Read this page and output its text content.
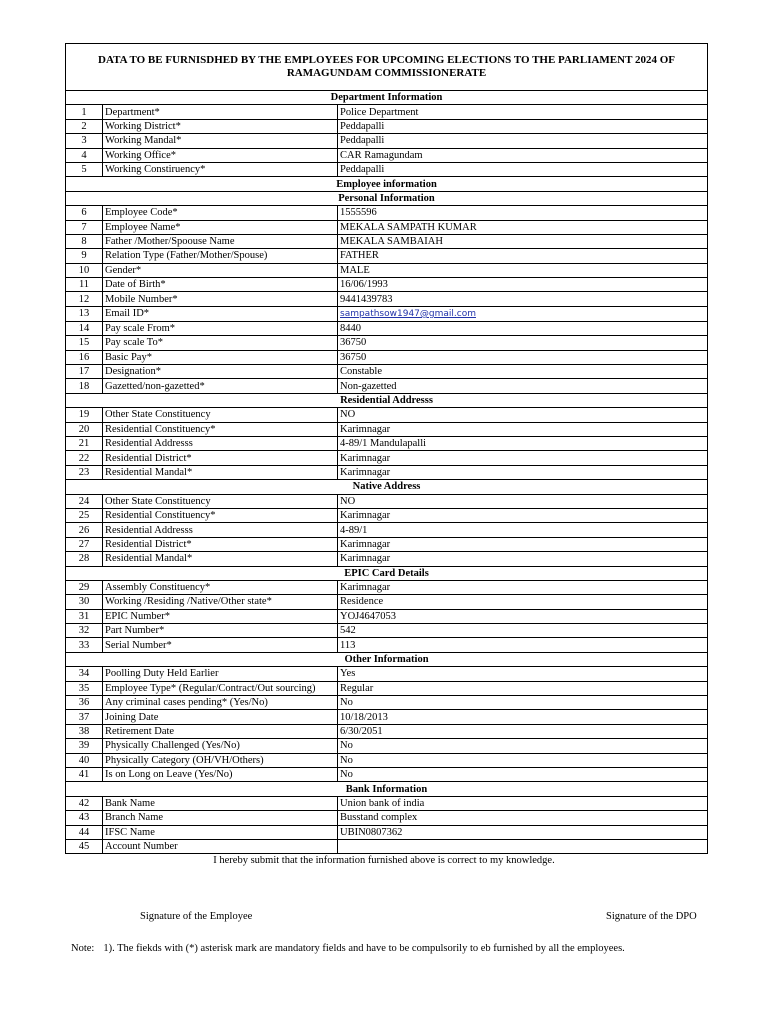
DATA TO BE FURNISDHED BY THE EMPLOYEES FOR UPCOMING ELECTIONS TO THE PARLIAMENT 2024 OF RAMAGUNDAM COMMISSIONERATE		
Department Information		
1	Department*	Police Department
2	Working District*	Peddapalli
3	Working Mandal*	Peddapalli
4	Working Office*	CAR Ramagundam
5	Working Constiruency*	Peddapalli
Employee information		
Personal Information		
6	Employee Code*	1555596
7	Employee Name*	MEKALA SAMPATH KUMAR
8	Father /Mother/Spoouse Name	MEKALA SAMBAIAH
9	Relation Type (Father/Mother/Spouse)	FATHER
10	Gender*	MALE
11	Date of Birth*	16/06/1993
12	Mobile Number*	9441439783
13	Email ID*	sampathsow1947@gmail.com
14	Pay scale From*	8440
15	Pay scale To*	36750
16	Basic Pay*	36750
17	Designation*	Constable
18	Gazetted/non-gazetted*	Non-gazetted
Residential Addresss		
19	Other State Constituency	NO
20	Residential Constituency*	Karimnagar
21	Residential Addresss	4-89/1 Mandulapalli
22	Residential District*	Karimnagar
23	Residential Mandal*	Karimnagar
Native Address		
24	Other State Constituency	NO
25	Residential Constituency*	Karimnagar
26	Residential Addresss	4-89/1
27	Residential District*	Karimnagar
28	Residential Mandal*	Karimnagar
EPIC Card Details		
29	Assembly Constituency*	Karimnagar
30	Working /Residing /Native/Other state*	Residence
31	EPIC Number*	YOJ4647053
32	Part Number*	542
33	Serial Number*	113
Other Information		
34	Poolling Duty Held Earlier	Yes
35	Employee Type* (Regular/Contract/Out sourcing)	Regular
36	Any criminal cases pending* (Yes/No)	No
37	Joining Date	10/18/2013
38	Retirement Date	6/30/2051
39	Physically Challenged (Yes/No)	No
40	Physically Category (OH/VH/Others)	No
41	Is on Long on Leave (Yes/No)	No
Bank Information		
42	Bank Name	Union bank of india
43	Branch Name	Busstand complex
44	IFSC Name	UBIN0807362
45	Account Number	
I hereby submit that the information furnished above is correct to my knowledge.
Signature of the Employee	Signature of the DPO
Note: 1). The fiekds with (*) asterisk mark are mandatory fields and have to be compulsorily to eb furnished by all the employees.
